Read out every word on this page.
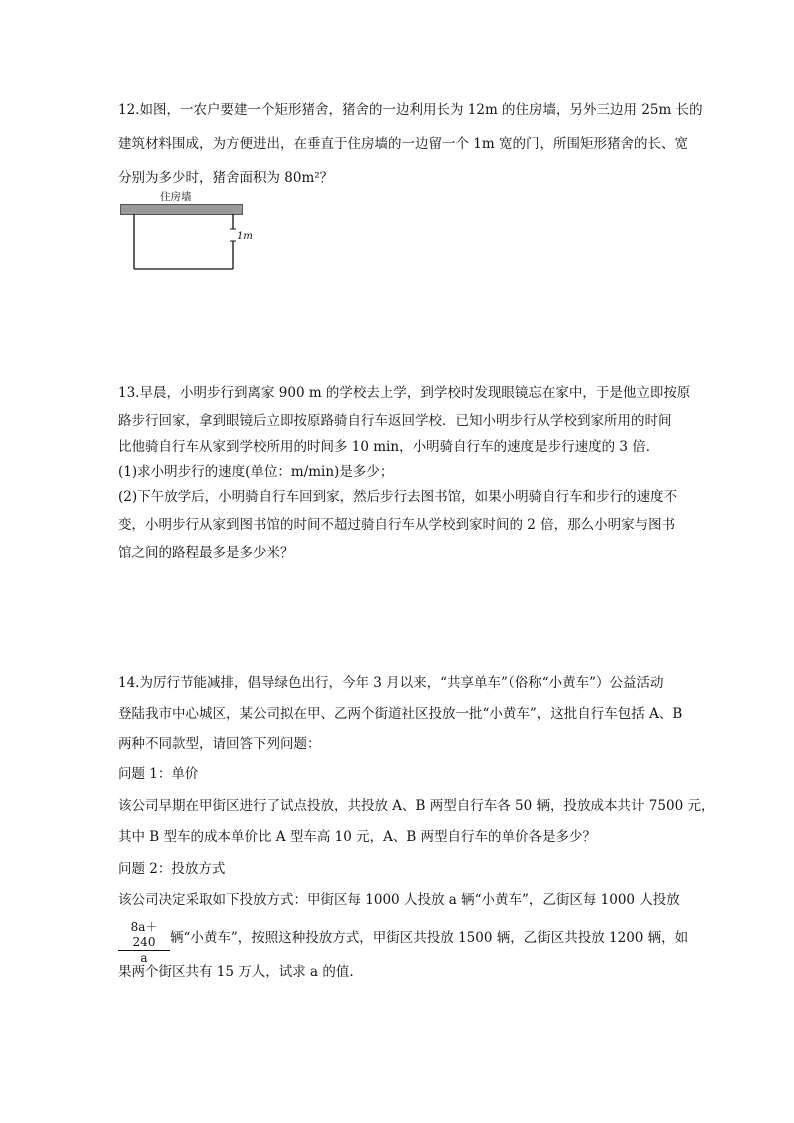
12.如图，一农户要建一个矩形猪舍，猪舍的一边利用长为 12m 的住房墙，另外三边用 25m 长的
建筑材料围成，为方便进出，在垂直于住房墙的一边留一个 1m 宽的门，所围矩形猪舍的长、宽
分别为多少时，猪舍面积为 80m²？
住房墙
1m
13.早晨，小明步行到离家 900 m 的学校去上学，到学校时发现眼镜忘在家中，于是他立即按原
路步行回家，拿到眼镜后立即按原路骑自行车返回学校．已知小明步行从学校到家所用的时间
比他骑自行车从家到学校所用的时间多 10 min，小明骑自行车的速度是步行速度的 3 倍．
(1)求小明步行的速度(单位：m/min)是多少；
(2)下午放学后，小明骑自行车回到家，然后步行去图书馆，如果小明骑自行车和步行的速度不
变，小明步行从家到图书馆的时间不超过骑自行车从学校到家时间的 2 倍，那么小明家与图书
馆之间的路程最多是多少米？
14.为厉行节能减排，倡导绿色出行，今年 3 月以来，“共享单车”（俗称“小黄车”）公益活动
登陆我市中心城区，某公司拟在甲、乙两个街道社区投放一批“小黄车”，这批自行车包括 A、B
两种不同款型，请回答下列问题：
问题 1：单价
该公司早期在甲街区进行了试点投放，共投放 A、B 两型自行车各 50 辆，投放成本共计 7500 元，
其中 B 型车的成本单价比 A 型车高 10 元，A、B 两型自行车的单价各是多少？
问题 2：投放方式
该公司决定采取如下投放方式：甲街区每 1000 人投放 a 辆“小黄车”，乙街区每 1000 人投放
$\frac{8a+240}{a}$ 辆“小黄车”，按照这种投放方式，甲街区共投放 1500 辆，乙街区共投放 1200 辆，如
果两个街区共有 15 万人，试求 a 的值.
